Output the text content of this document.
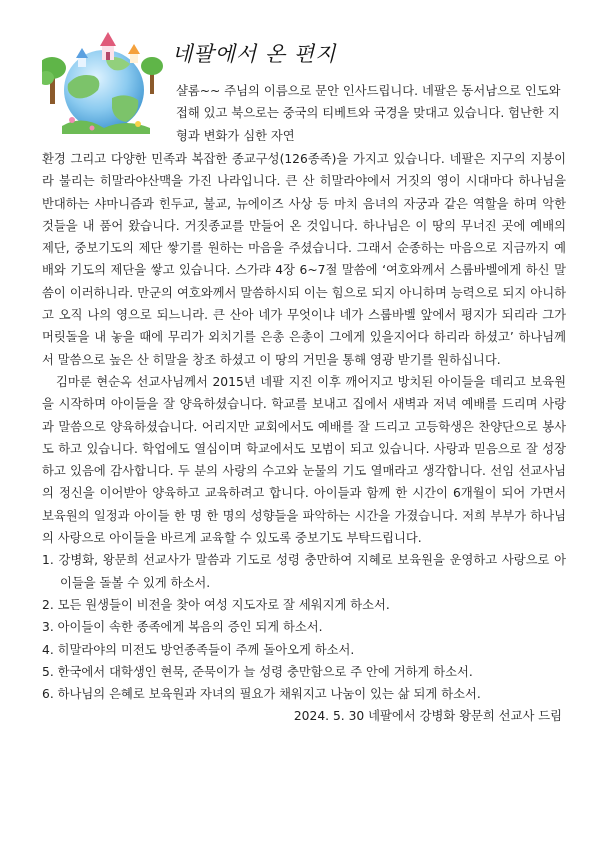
네팔에서 온 편지

샬롬~~ 주님의 이름으로 문안 인사드립니다. 네팔은 동서남으로 인도와 접해 있고 북으로는 중국의 티베트와 국경을 맞대고 있습니다. 험난한 지형과 변화가 심한 자연

환경 그리고 다양한 민족과 복잡한 종교구성(126종족)을 가지고 있습니다. 네팔은 지구의 지붕이라 불리는 히말라야산맥을 가진 나라입니다. 큰 산 히말라야에서 거짓의 영이 시대마다 하나님을 반대하는 샤마니즘과 힌두교, 불교, 뉴에이즈 사상 등 마치 음녀의 자궁과 같은 역할을 하며 악한 것들을 내 품어 왔습니다. 거짓종교를 만들어 온 것입니다. 하나님은 이 땅의 무너진 곳에 예배의 제단, 중보기도의 제단 쌓기를 원하는 마음을 주셨습니다. 그래서 순종하는 마음으로 지금까지 예배와 기도의 제단을 쌓고 있습니다. 스가랴 4장 6~7절 말씀에 ‘여호와께서 스룹바벨에게 하신 말씀이 이러하니라. 만군의 여호와께서 말씀하시되 이는 힘으로 되지 아니하며 능력으로 되지 아니하고 오직 나의 영으로 되느니라. 큰 산아 네가 무엇이냐 네가 스룹바벨 앞에서 평지가 되리라 그가 머릿돌을 내 놓을 때에 무리가 외치기를 은총 은총이 그에게 있을지어다 하리라 하셨고’ 하나님께서 말씀으로 높은 산 히말을 창조 하셨고 이 땅의 거민을 통해 영광 받기를 원하십니다.

김마룬 현순옥 선교사님께서 2015년 네팔 지진 이후 깨어지고 방치된 아이들을 데리고 보육원을 시작하며 아이들을 잘 양육하셨습니다. 학교를 보내고 집에서 새벽과 저녁 예배를 드리며 사랑과 말씀으로 양육하셨습니다. 어리지만 교회에서도 예배를 잘 드리고 고등학생은 찬양단으로 봉사도 하고 있습니다. 학업에도 열심이며 학교에서도 모범이 되고 있습니다. 사랑과 믿음으로 잘 성장하고 있음에 감사합니다. 두 분의 사랑의 수고와 눈물의 기도 열매라고 생각합니다. 선임 선교사님의 정신을 이어받아 양육하고 교육하려고 합니다. 아이들과 함께 한 시간이 6개월이 되어 가면서 보육원의 일정과 아이들 한 명 한 명의 성향들을 파악하는 시간을 가졌습니다. 저희 부부가 하나님의 사랑으로 아이들을 바르게 교육할 수 있도록 중보기도 부탁드립니다.

1. 강병화, 왕문희 선교사가 말씀과 기도로 성령 충만하여 지혜로 보육원을 운영하고 사랑으로 아이들을 돌볼 수 있게 하소서.
2. 모든 원생들이 비전을 찾아 여성 지도자로 잘 세워지게 하소서.
3. 아이들이 속한 종족에게 복음의 증인 되게 하소서.
4. 히말라야의 미전도 방언종족들이 주께 돌아오게 하소서.
5. 한국에서 대학생인 현묵, 준묵이가 늘 성령 충만함으로 주 안에 거하게 하소서.
6. 하나님의 은혜로 보육원과 자녀의 필요가 채워지고 나눔이 있는 삶 되게 하소서.

2024. 5. 30 네팔에서 강병화 왕문희 선교사 드림
